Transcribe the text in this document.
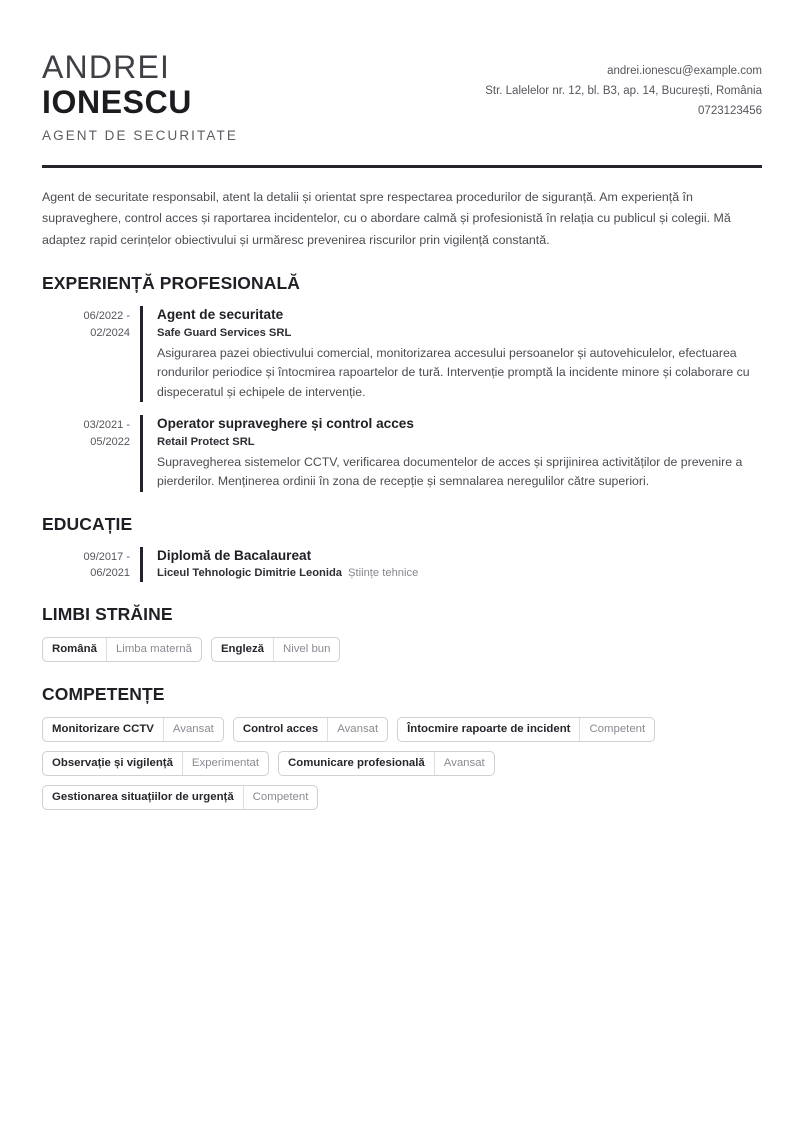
ANDREI
IONESCU
AGENT DE SECURITATE
andrei.ionescu@example.com
Str. Lalelelor nr. 12, bl. B3, ap. 14, București, România
0723123456
Agent de securitate responsabil, atent la detalii și orientat spre respectarea procedurilor de siguranță. Am experiență în supraveghere, control acces și raportarea incidentelor, cu o abordare calmă și profesionistă în relația cu publicul și colegii. Mă adaptez rapid cerințelor obiectivului și urmăresc prevenirea riscurilor prin vigilență constantă.
EXPERIENȚĂ PROFESIONALĂ
06/2022 -
02/2024
Agent de securitate
Safe Guard Services SRL
Asigurarea pazei obiectivului comercial, monitorizarea accesului persoanelor și autovehiculelor, efectuarea rondurilor periodice și întocmirea rapoartelor de tură. Intervenție promptă la incidente minore și colaborare cu dispeceratul și echipele de intervenție.
03/2021 -
05/2022
Operator supraveghere și control acces
Retail Protect SRL
Supravegherea sistemelor CCTV, verificarea documentelor de acces și sprijinirea activităților de prevenire a pierderilor. Menținerea ordinii în zona de recepție și semnalarea neregulilor către superiori.
EDUCAȚIE
09/2017 -
06/2021
Diplomă de Bacalaureat
Liceul Tehnologic Dimitrie Leonida Științe tehnice
LIMBI STRĂINE
Română	Limba maternă	Engleză	Nivel bun
COMPETENȚE
Monitorizare CCTV	Avansat	Control acces	Avansat	Întocmire rapoarte de incident	Competent
Observație și vigilență	Experimentat	Comunicare profesională	Avansat
Gestionarea situațiilor de urgență	Competent
